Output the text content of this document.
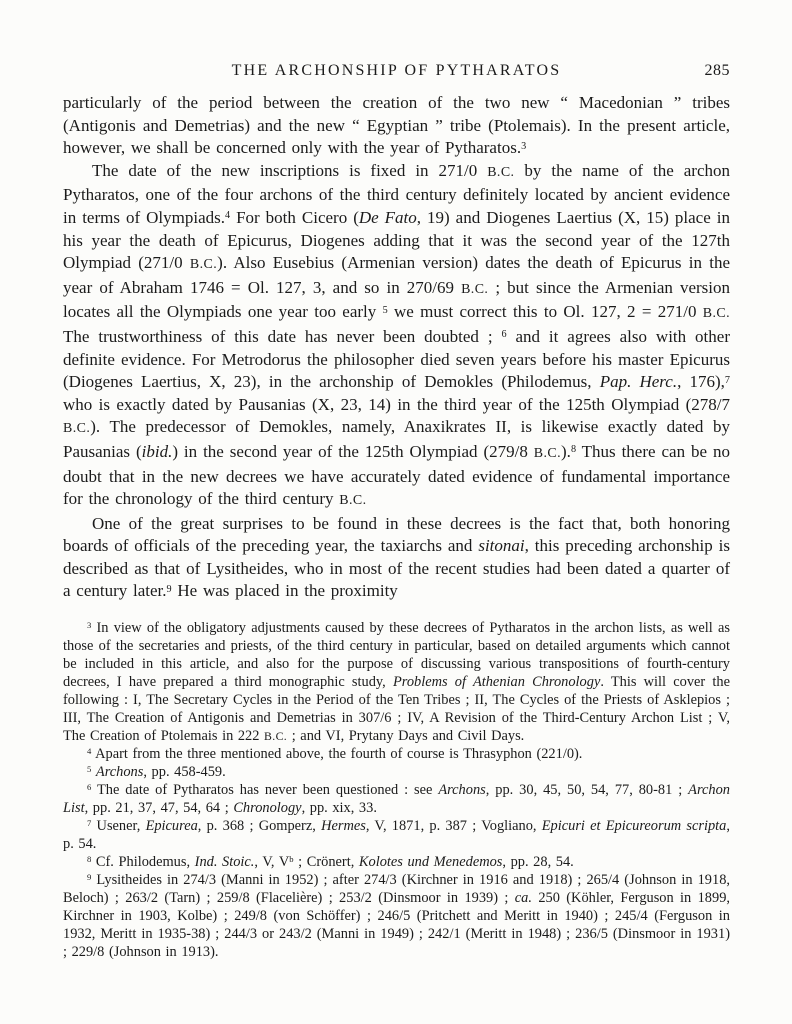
THE ARCHONSHIP OF PYTHARATOS	285

particularly of the period between the creation of the two new “ Macedonian ” tribes (Antigonis and Demetrias) and the new “ Egyptian ” tribe (Ptolemais). In the present article, however, we shall be concerned only with the year of Pytharatos.$^3$

The date of the new inscriptions is fixed in 271/0 B.C. by the name of the archon Pytharatos, one of the four archons of the third century definitely located by ancient evidence in terms of Olympiads.$^4$ For both Cicero (De Fato, 19) and Diogenes Laertius (X, 15) place in his year the death of Epicurus, Diogenes adding that it was the second year of the 127th Olympiad (271/0 B.C.). Also Eusebius (Armenian version) dates the death of Epicurus in the year of Abraham 1746 = Ol. 127, 3, and so in 270/69 B.C. ; but since the Armenian version locates all the Olympiads one year too early $^5$ we must correct this to Ol. 127, 2 = 271/0 B.C. The trustworthiness of this date has never been doubted ; $^6$ and it agrees also with other definite evidence. For Metrodorus the philosopher died seven years before his master Epicurus (Diogenes Laertius, X, 23), in the archonship of Demokles (Philodemus, Pap. Herc., 176),$^7$ who is exactly dated by Pausanias (X, 23, 14) in the third year of the 125th Olympiad (278/7 B.C.). The predecessor of Demokles, namely, Anaxikrates II, is likewise exactly dated by Pausanias (ibid.) in the second year of the 125th Olympiad (279/8 B.C.).$^8$ Thus there can be no doubt that in the new decrees we have accurately dated evidence of fundamental importance for the chronology of the third century B.C.

One of the great surprises to be found in these decrees is the fact that, both honoring boards of officials of the preceding year, the taxiarchs and sitonai, this preceding archonship is described as that of Lysitheides, who in most of the recent studies had been dated a quarter of a century later.$^9$ He was placed in the proximity

$^3$ In view of the obligatory adjustments caused by these decrees of Pytharatos in the archon lists, as well as those of the secretaries and priests, of the third century in particular, based on detailed arguments which cannot be included in this article, and also for the purpose of discussing various transpositions of fourth-century decrees, I have prepared a third monographic study, Problems of Athenian Chronology. This will cover the following : I, The Secretary Cycles in the Period of the Ten Tribes ; II, The Cycles of the Priests of Asklepios ; III, The Creation of Antigonis and Demetrias in 307/6 ; IV, A Revision of the Third-Century Archon List ; V, The Creation of Ptolemais in 222 B.C. ; and VI, Prytany Days and Civil Days.

$^4$ Apart from the three mentioned above, the fourth of course is Thrasyphon (221/0).

$^5$ Archons, pp. 458-459.

$^6$ The date of Pytharatos has never been questioned : see Archons, pp. 30, 45, 50, 54, 77, 80-81 ; Archon List, pp. 21, 37, 47, 54, 64 ; Chronology, pp. xix, 33.

$^7$ Usener, Epicurea, p. 368 ; Gomperz, Hermes, V, 1871, p. 387 ; Vogliano, Epicuri et Epicureorum scripta, p. 54.

$^8$ Cf. Philodemus, Ind. Stoic., V, $V^b$ ; Crönert, Kolotes und Menedemos, pp. 28, 54.

$^9$ Lysitheides in 274/3 (Manni in 1952) ; after 274/3 (Kirchner in 1916 and 1918) ; 265/4 (Johnson in 1918, Beloch) ; 263/2 (Tarn) ; 259/8 (Flacelière) ; 253/2 (Dinsmoor in 1939) ; ca. 250 (Köhler, Ferguson in 1899, Kirchner in 1903, Kolbe) ; 249/8 (von Schöffer) ; 246/5 (Pritchett and Meritt in 1940) ; 245/4 (Ferguson in 1932, Meritt in 1935-38) ; 244/3 or 243/2 (Manni in 1949) ; 242/1 (Meritt in 1948) ; 236/5 (Dinsmoor in 1931) ; 229/8 (Johnson in 1913).
